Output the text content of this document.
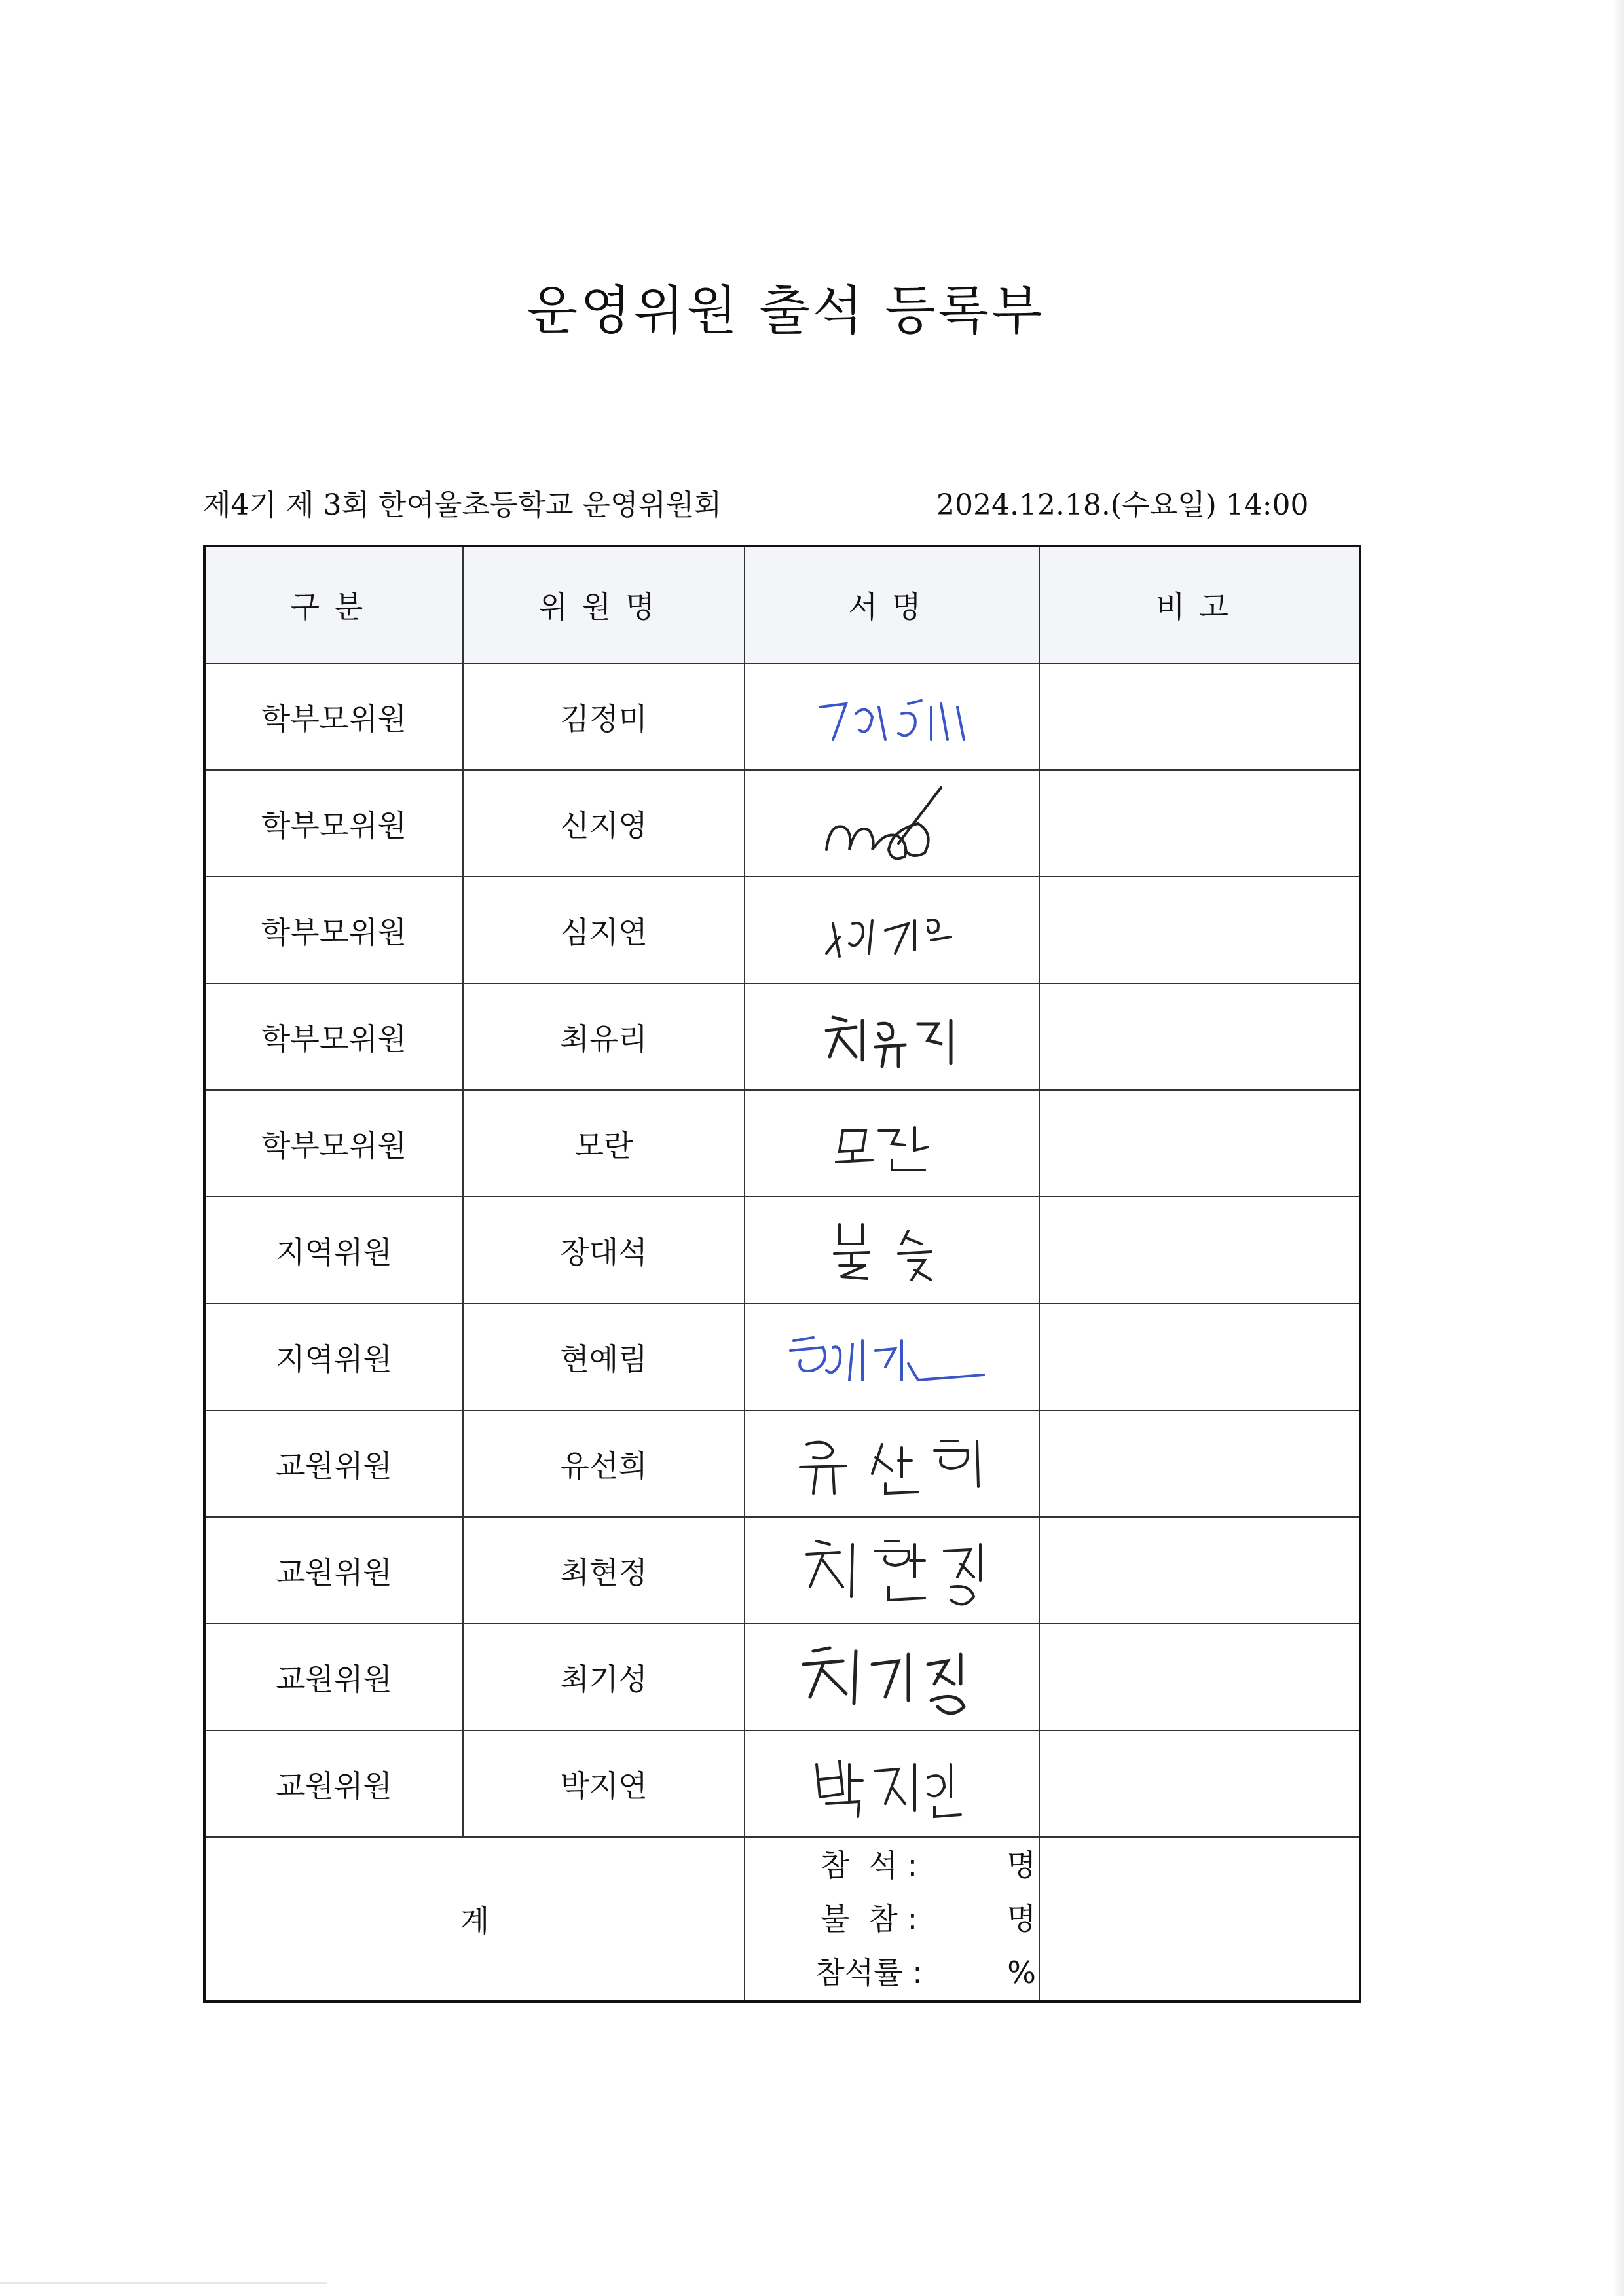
운영위원 출석 등록부
제4기 제 3회 한여울초등학교 운영위원회	2024.12.18.(수요일) 14:00
구분	위원명	서명	비고
학부모위원	김정미	

학부모위원	신지영	

학부모위원	심지연	

학부모위원	최유리	

학부모위원	모란	

지역위원	장대석	

지역위원	현예림	

교원위원	유선희	

교원위원	최현정	

교원위원	최기성	

교원위원	박지연	

계		참  석 : 명
불  참 : 명
참석률 : %	
